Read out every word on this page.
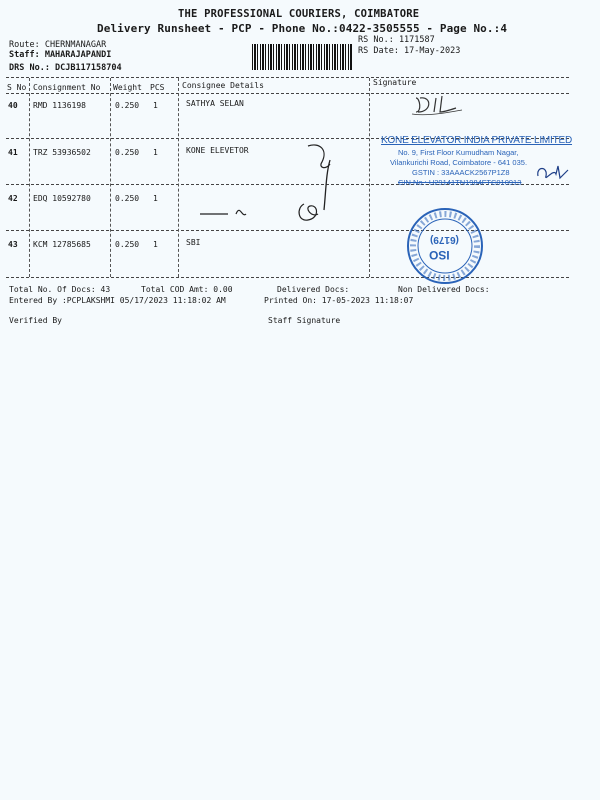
THE PROFESSIONAL COURIERS, COIMBATORE
Delivery Runsheet - PCP - Phone No.:0422-3505555 - Page No.:4
Route: CHERNMANAGAR
Staff: MAHARAJAPANDI
DRS No.: DCJB117158704
RS No.: 1171587
RS Date: 17-May-2023
S No Consignment No Weight PCS Consignee Details	Signature
40 RMD 1136198	0.250 1	SATHYA SELAN
41 TRZ 53936502	0.250 1	KONE ELEVETOR
42 EDQ 10592780	0.250 1
43 KCM 12785685	0.250 1	SBI
KONE ELEVATOR INDIA PRIVATE LIMITED
No. 9, First Floor Kumudham Nagar,
Vilankurichi Road, Coimbatore - 641 035.
GSTIN : 33AAACK2567P1Z8
CIN No.: U29141TN1984FTC010913
(6179)
ISO
Total No. Of Docs: 43	Total COD Amt: 0.00	Delivered Docs:	Non Delivered Docs:
Entered By :PCPLAKSHMI 05/17/2023 11:18:02 AM	Printed On: 17-05-2023 11:18:07
Verified By	Staff Signature
